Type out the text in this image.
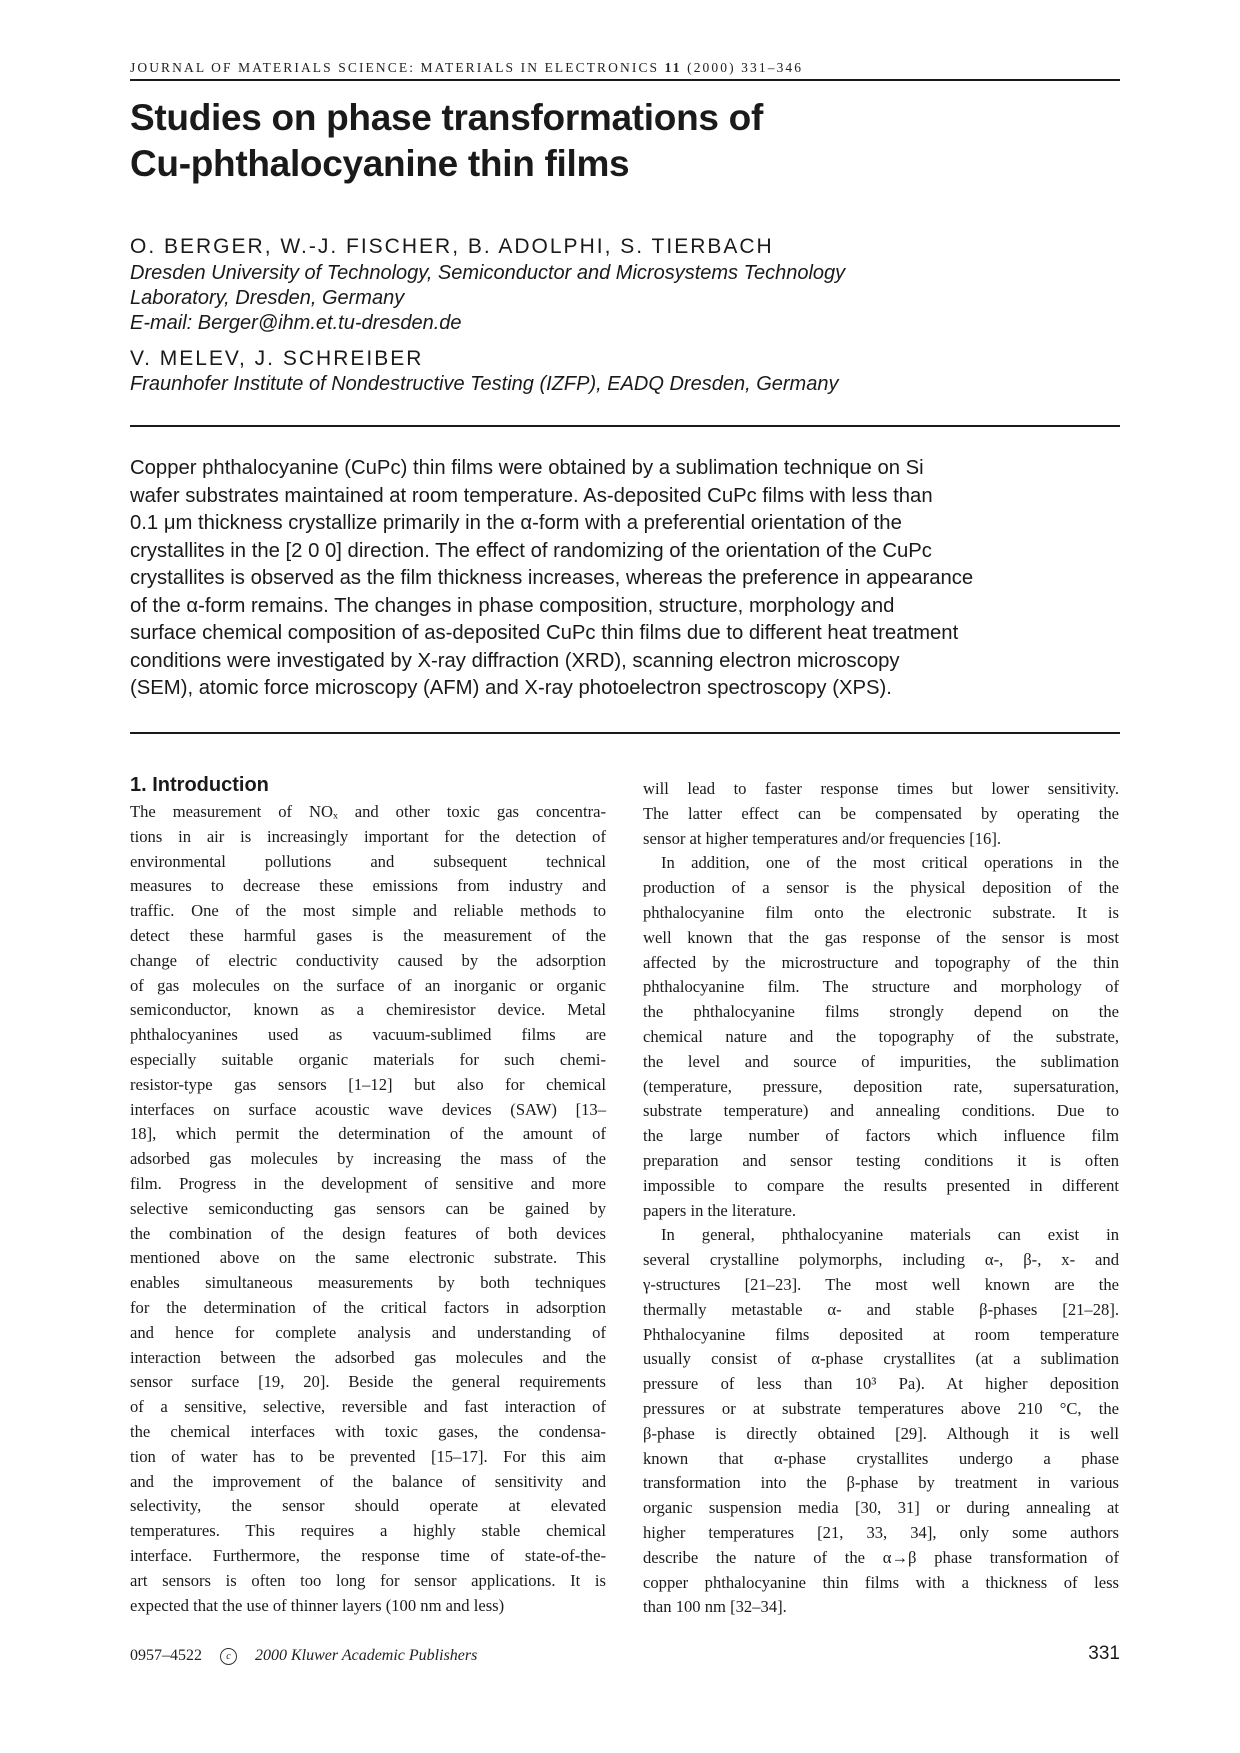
JOURNAL OF MATERIALS SCIENCE: MATERIALS IN ELECTRONICS 11 (2000) 331–346
Studies on phase transformations of
Cu-phthalocyanine thin films
O. BERGER, W.-J. FISCHER, B. ADOLPHI, S. TIERBACH
Dresden University of Technology, Semiconductor and Microsystems Technology
Laboratory, Dresden, Germany
E-mail: Berger@ihm.et.tu-dresden.de
V. MELEV, J. SCHREIBER
Fraunhofer Institute of Nondestructive Testing (IZFP), EADQ Dresden, Germany
Copper phthalocyanine (CuPc) thin films were obtained by a sublimation technique on Si
wafer substrates maintained at room temperature. As-deposited CuPc films with less than
0.1 μm thickness crystallize primarily in the α-form with a preferential orientation of the
crystallites in the [2 0 0] direction. The effect of randomizing of the orientation of the CuPc
crystallites is observed as the film thickness increases, whereas the preference in appearance
of the α-form remains. The changes in phase composition, structure, morphology and
surface chemical composition of as-deposited CuPc thin films due to different heat treatment
conditions were investigated by X-ray diffraction (XRD), scanning electron microscopy
(SEM), atomic force microscopy (AFM) and X-ray photoelectron spectroscopy (XPS).
1. Introduction
The measurement of NOₓ and other toxic gas concentra-
tions in air is increasingly important for the detection of
environmental pollutions and subsequent technical
measures to decrease these emissions from industry and
traffic. One of the most simple and reliable methods to
detect these harmful gases is the measurement of the
change of electric conductivity caused by the adsorption
of gas molecules on the surface of an inorganic or organic
semiconductor, known as a chemiresistor device. Metal
phthalocyanines used as vacuum-sublimed films are
especially suitable organic materials for such chemi-
resistor-type gas sensors [1–12] but also for chemical
interfaces on surface acoustic wave devices (SAW) [13–
18], which permit the determination of the amount of
adsorbed gas molecules by increasing the mass of the
film. Progress in the development of sensitive and more
selective semiconducting gas sensors can be gained by
the combination of the design features of both devices
mentioned above on the same electronic substrate. This
enables simultaneous measurements by both techniques
for the determination of the critical factors in adsorption
and hence for complete analysis and understanding of
interaction between the adsorbed gas molecules and the
sensor surface [19, 20]. Beside the general requirements
of a sensitive, selective, reversible and fast interaction of
the chemical interfaces with toxic gases, the condensa-
tion of water has to be prevented [15–17]. For this aim
and the improvement of the balance of sensitivity and
selectivity, the sensor should operate at elevated
temperatures. This requires a highly stable chemical
interface. Furthermore, the response time of state-of-the-
art sensors is often too long for sensor applications. It is
expected that the use of thinner layers (100 nm and less)
will lead to faster response times but lower sensitivity.
The latter effect can be compensated by operating the
sensor at higher temperatures and/or frequencies [16].
In addition, one of the most critical operations in the
production of a sensor is the physical deposition of the
phthalocyanine film onto the electronic substrate. It is
well known that the gas response of the sensor is most
affected by the microstructure and topography of the thin
phthalocyanine film. The structure and morphology of
the phthalocyanine films strongly depend on the
chemical nature and the topography of the substrate,
the level and source of impurities, the sublimation
(temperature, pressure, deposition rate, supersaturation,
substrate temperature) and annealing conditions. Due to
the large number of factors which influence film
preparation and sensor testing conditions it is often
impossible to compare the results presented in different
papers in the literature.
In general, phthalocyanine materials can exist in
several crystalline polymorphs, including α-, β-, x- and
γ-structures [21–23]. The most well known are the
thermally metastable α- and stable β-phases [21–28].
Phthalocyanine films deposited at room temperature
usually consist of α-phase crystallites (at a sublimation
pressure of less than 10³ Pa). At higher deposition
pressures or at substrate temperatures above 210 °C, the
β-phase is directly obtained [29]. Although it is well
known that α-phase crystallites undergo a phase
transformation into the β-phase by treatment in various
organic suspension media [30, 31] or during annealing at
higher temperatures [21, 33, 34], only some authors
describe the nature of the α→β phase transformation of
copper phthalocyanine thin films with a thickness of less
than 100 nm [32–34].
0957–4522 c 2000 Kluwer Academic Publishers	331
